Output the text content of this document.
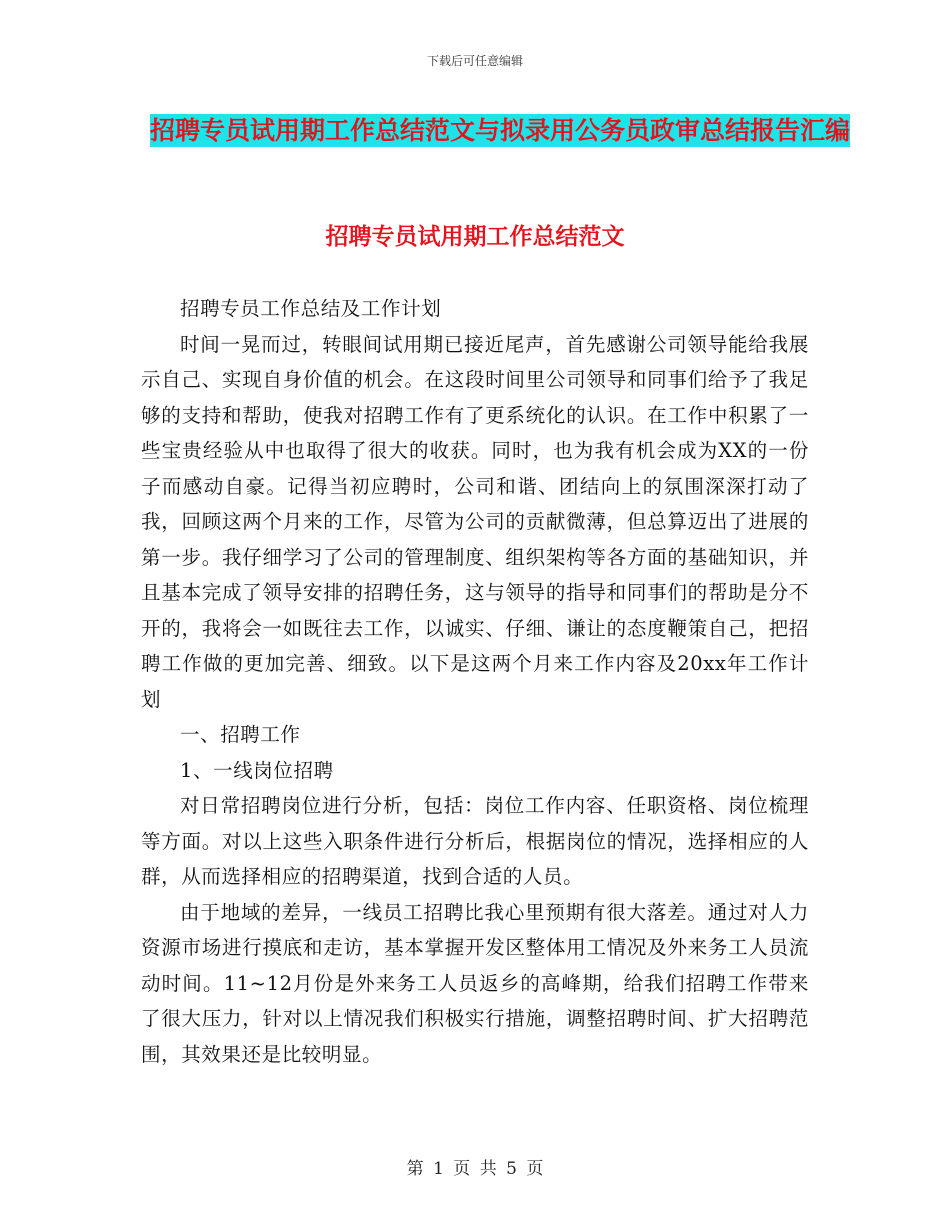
下载后可任意编辑
招聘专员试用期工作总结范文与拟录用公务员政审总结报告汇编
招聘专员试用期工作总结范文

招聘专员工作总结及工作计划

时间一晃而过，转眼间试用期已接近尾声，首先感谢公司领导能给我展示自己、实现自身价值的机会。在这段时间里公司领导和同事们给予了我足够的支持和帮助，使我对招聘工作有了更系统化的认识。在工作中积累了一些宝贵经验从中也取得了很大的收获。同时，也为我有机会成为XX的一份子而感动自豪。记得当初应聘时，公司和谐、团结向上的氛围深深打动了我，回顾这两个月来的工作，尽管为公司的贡献微薄，但总算迈出了进展的第一步。我仔细学习了公司的管理制度、组织架构等各方面的基础知识，并且基本完成了领导安排的招聘任务，这与领导的指导和同事们的帮助是分不开的，我将会一如既往去工作，以诚实、仔细、谦让的态度鞭策自己，把招聘工作做的更加完善、细致。以下是这两个月来工作内容及20xx年工作计划

一、招聘工作

1、一线岗位招聘

对日常招聘岗位进行分析，包括：岗位工作内容、任职资格、岗位梳理等方面。对以上这些入职条件进行分析后，根据岗位的情况，选择相应的人群，从而选择相应的招聘渠道，找到合适的人员。

由于地域的差异，一线员工招聘比我心里预期有很大落差。通过对人力资源市场进行摸底和走访，基本掌握开发区整体用工情况及外来务工人员流动时间。11~12月份是外来务工人员返乡的高峰期，给我们招聘工作带来了很大压力，针对以上情况我们积极实行措施，调整招聘时间、扩大招聘范围，其效果还是比较明显。

第 1 页 共 5 页
